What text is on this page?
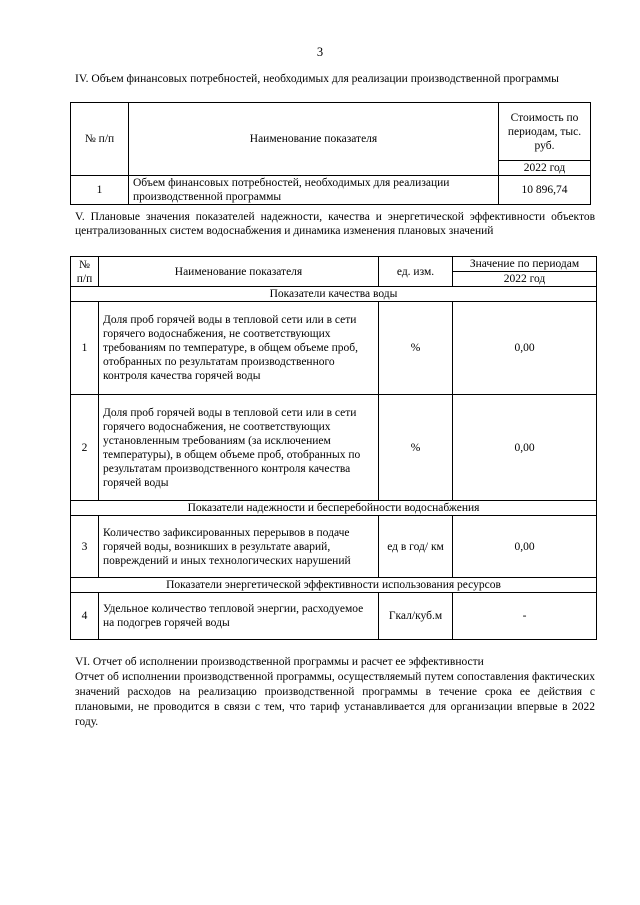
3
IV. Объем финансовых потребностей, необходимых для реализации производственной программы
№ п/п	Наименование показателя	Стоимость по периодам, тыс. руб.
		2022 год
1	Объем финансовых потребностей, необходимых для реализации производственной программы	10 896,74
V. Плановые значения показателей надежности, качества и энергетической эффективности объектов централизованных систем водоснабжения и динамика изменения плановых значений
№ п/п	Наименование показателя	ед. изм.	Значение по периодам
			2022 год
Показатели качества воды			
1	Доля проб горячей воды в тепловой сети или в сети горячего водоснабжения, не соответствующих требованиям по температуре, в общем объеме проб, отобранных по результатам производственного контроля качества горячей воды	%	0,00
2	Доля проб горячей воды в тепловой сети или в сети горячего водоснабжения, не соответствующих установленным требованиям (за исключением температуры), в общем объеме проб, отобранных по результатам производственного контроля качества горячей воды	%	0,00
Показатели надежности и бесперебойности водоснабжения			
3	Количество зафиксированных перерывов в подаче горячей воды, возникших в результате аварий, повреждений и иных технологических нарушений	ед в год/ км	0,00
Показатели энергетической эффективности использования ресурсов			
4	Удельное количество тепловой энергии, расходуемое на подогрев горячей воды	Гкал/куб.м	-
VI. Отчет об исполнении производственной программы и расчет ее эффективности
Отчет об исполнении производственной программы, осуществляемый путем сопоставления фактических значений расходов на реализацию производственной программы в течение срока ее действия с плановыми, не проводится в связи с тем, что тариф устанавливается для организации впервые в 2022 году.
